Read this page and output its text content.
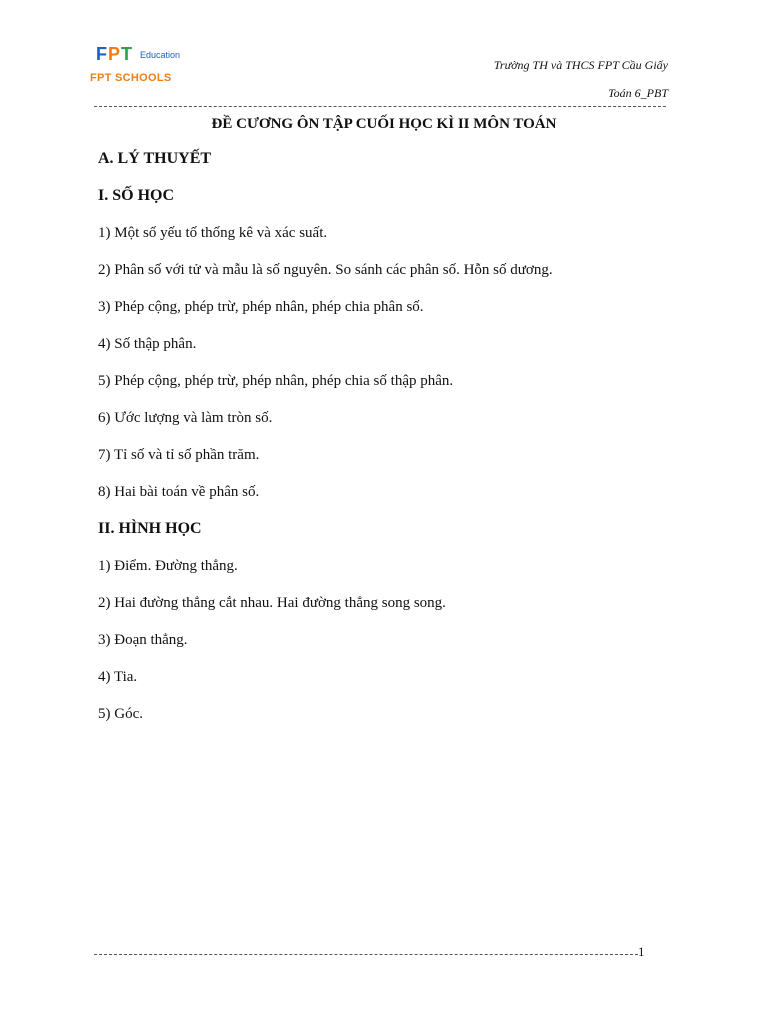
FPT Education
FPT SCHOOLS
Trường TH và THCS FPT Cầu Giấy
Toán 6_PBT
ĐỀ CƯƠNG ÔN TẬP CUỐI HỌC KÌ II MÔN TOÁN

A. LÝ THUYẾT

I. SỐ HỌC

1) Một số yếu tố thống kê và xác suất.

2) Phân số với tử và mẫu là số nguyên. So sánh các phân số. Hỗn số dương.

3) Phép cộng, phép trừ, phép nhân, phép chia phân số.

4) Số thập phân.

5) Phép cộng, phép trừ, phép nhân, phép chia số thập phân.

6) Ước lượng và làm tròn số.

7) Tỉ số và tỉ số phần trăm.

8) Hai bài toán về phân số.

II. HÌNH HỌC

1) Điểm. Đường thẳng.

2) Hai đường thẳng cắt nhau. Hai đường thẳng song song.

3) Đoạn thẳng.

4) Tia.

5) Góc.

1
